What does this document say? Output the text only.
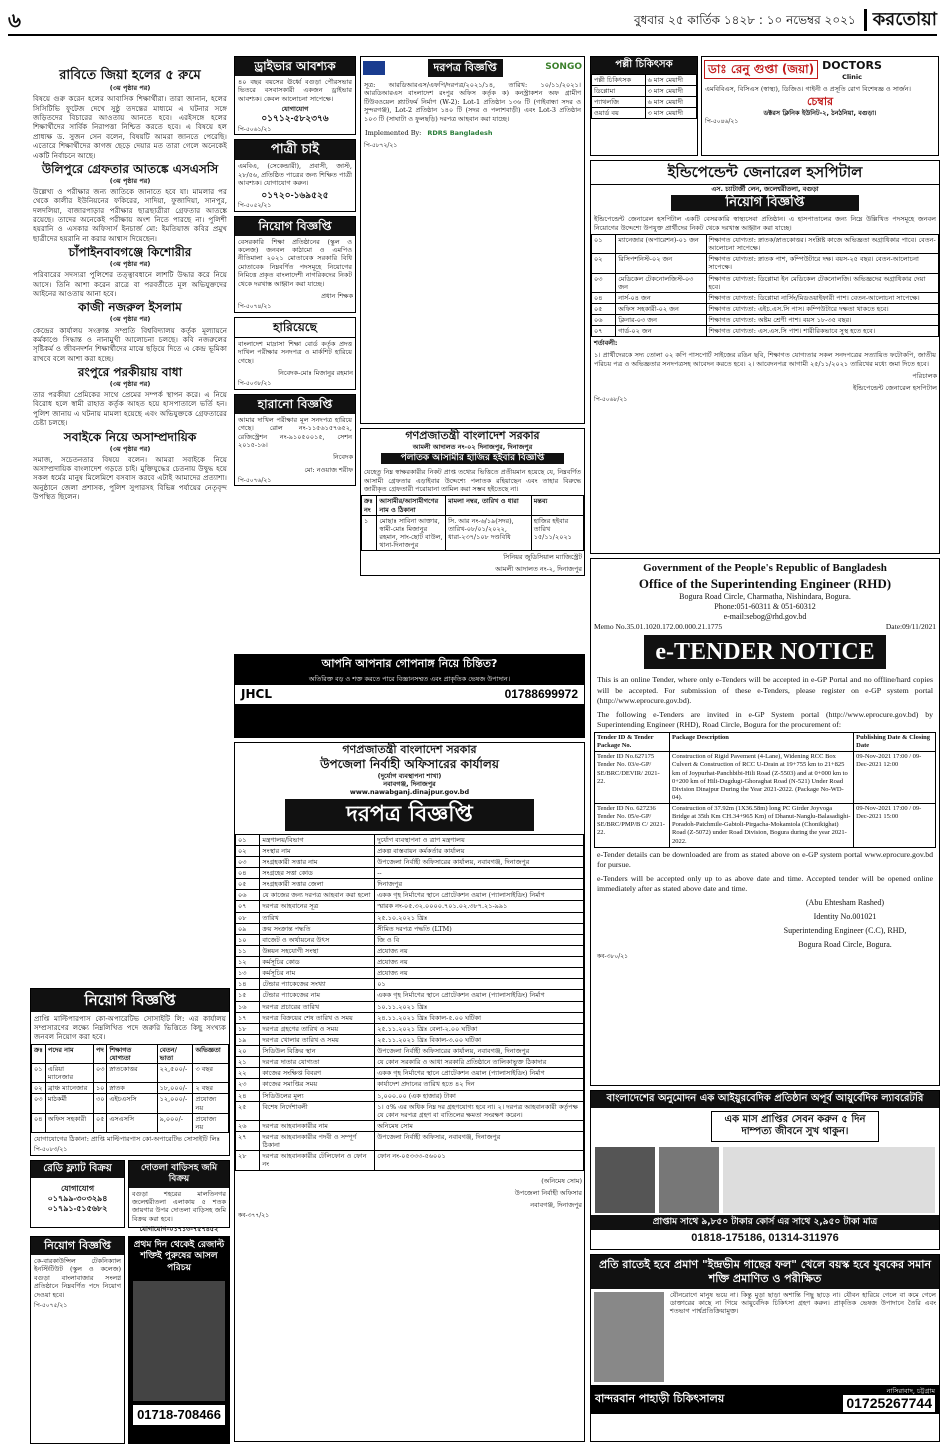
৬	বুধবার ২৫ কার্তিক ১৪২৮ : ১০ নভেম্বর ২০২১ করতোয়া
রাবিতে জিয়া হলের ৫ রুমে
(৩য় পৃষ্ঠার পর)
বিষয়ে গুরু করেন হলের আবাসিক শিক্ষার্থীরা। তারা জানান, হলের সিসিটিভি ফুটেজ দেখে সুষ্ঠু তদন্তের মাধ্যমে এ ঘটনার সঙ্গে জড়িতদের বিচারের আওতায় আনতে হবে। এরইসঙ্গে হলের শিক্ষার্থীদের সার্বিক নিরাপত্তা নিশ্চিত করতে হবে। এ বিষয়ে হল প্রাধ্যক্ষ ড. সুজন সেন বলেন, বিষয়টি আমরা জানতে পেরেছি। এতোরে শিক্ষার্থীদের কাগজ ছেড়ে দেয়ার মত তারা গেলে অনেকেই একটি নির্বাচনে আছে।
উলিপুরে গ্রেফতার আতঙ্কে এসএসসি
(৩য় পৃষ্ঠার পর)
উল্লেখ্য ও পরীক্ষার জন্য জাতিকে জানাতে হবে যা। মামলার পর থেকে কালীর ইউনিয়নের ফকিরের, সাদিয়া, ফুজাদিয়া, সানপুর, দলদলিয়া, বাজারপাড়ার পরীক্ষার ছাত্রছাত্রীরা গ্রেফতার আতঙ্কে রয়েছে। তাদের অনেকেই পরীক্ষায় অংশ নিতে পারছে না। পুলিশী হয়রানি ও এসকার অফিসার্স ইনচার্জ মো: ইমতিয়াজ কবির প্রমুখ ছাত্রীদের হয়রানি না করার আশ্বাস দিয়েছেন।
চাঁপাইনবাবগঞ্জে কিশোরীর
(৩য় পৃষ্ঠার পর)
পরিবারের সদস্যরা পুলিশের তত্ত্বাবধানে লাশটি উদ্ধার করে নিয়ে আসে। তিনি আশা করেন রাত্রে বা পরবর্তীতে মূল অভিযুক্তদের আইনের আওতায় আনা হবে।
কাজী নজরুল ইসলাম
(৩য় পৃষ্ঠার পর)
কেন্দ্রের কার্যালয় সংক্রান্ত সম্প্রতি বিশ্ববিদ্যালয় কর্তৃক মূল্যায়নে কর্মকাণ্ডে সিদ্ধান্ত ও নানামুখী আলোচনা চলছে। কবি নজরুলের সৃষ্টিকর্ম ও জীবনদর্শন শিক্ষার্থীদের মাঝে ছড়িয়ে দিতে এ কেন্দ্র ভূমিকা রাখবে বলে আশা করা হচ্ছে।
রংপুরে পরকীয়ায় বাধা
(৩য় পৃষ্ঠার পর)
তার পরকীয়া প্রেমিকের সাথে প্রেমের সম্পর্ক স্থাপন করে। এ নিয়ে বিরোধ হলে স্বামী রাহাত কর্তৃক আহত হয়ে হাসপাতালে ভর্তি হন। পুলিশ জানায় এ ঘটনায় মামলা হয়েছে এবং অভিযুক্তকে গ্রেফতারের চেষ্টা চলছে।
সবাইকে নিয়ে অসাম্প্রদায়িক
(৩য় পৃষ্ঠার পর)
সমাজ, সচেতনতার বিষয়ে বলেন। আমরা সবাইকে নিয়ে অসাম্প্রদায়িক বাংলাদেশ গড়তে চাই। মুক্তিযুদ্ধের চেতনায় উদ্বুদ্ধ হয়ে সকল ধর্মের মানুষ মিলেমিশে বসবাস করবে এটাই আমাদের প্রত্যাশা। অনুষ্ঠানে জেলা প্রশাসক, পুলিশ সুপারসহ বিভিন্ন পর্যায়ের নেতৃবৃন্দ উপস্থিত ছিলেন।
নিয়োগ বিজ্ঞপ্তি
প্রাপ্তি মাল্টিপারপাস কো-অপারেটিভ সোসাইটি লি: এর কার্যালয় সম্প্রসারণের লক্ষ্যে নিম্নলিখিত পদে জরুরি ভিত্তিতে কিছু সংখ্যক জনবল নিয়োগ করা হবে।
ক্রঃ	পদের নাম	পদ	শিক্ষাগত যোগ্যতা	বেতন/ভাতা	অভিজ্ঞতা
০১	এরিয়া ম্যানেজার	০৩	স্নাতকোত্তর	২২,৫০০/-	৩ বছর
০২	ব্রাঞ্চ ম্যানেজার	১০	স্নাতক	১৮,০০০/-	২ বছর
০৩	মাঠকর্মী	৩০	এইচএসসি	১২,০০০/-	প্রযোজ্য নয়
০৪	অফিস সহকারী	০৫	এসএসসি	৯,০০০/-	প্রযোজ্য নয়
যোগাযোগের ঠিকানা: প্রাপ্তি মাল্টিপারপাস কো-অপারেটিভ সোসাইটি লিঃ
পি-৫০৮৩/২১
রেডি ফ্ল্যাট বিক্রয়
যোগাযোগ
০১৭৯৯-৩০৩২৯৪
০১৭৯১-৫১৫৬৮২
দোতলা বাড়িসহ জমি বিক্রয়
বগুড়া শহরের মালতিনগর জলেশ্বরীতলা এলাকায় ৫ শতক জায়গার উপর দোতলা বাড়িসহ জমি বিক্রয় করা হবে।
যোগাযোগ-০১৭১৩-৭৫৭৪৫২
নিয়োগ বিজ্ঞপ্তি
কে-বারকাউন্সিল টেকনিক্যাল ইনস্টিটিউট (স্কুল ও কলেজ) বগুড়া বাংলাবাজার সংলগ্ন প্রতিষ্ঠানে নিম্নবর্ণিত পদে নিয়োগ দেওয়া হবে।
পি-৫০৭৫/২১
প্রথম দিন থেকেই রেজাল্ট শক্তিই পুরুষের আসল পরিচয়
01718-708466
ড্রাইভার আবশ্যক
৪০ বছর বয়সের ঊর্ধ্বে বগুড়া পৌরসভার ভিতরে বসবাসকারী একজন ড্রাইভার আবশ্যক। কেবল আলোচনা সাপেক্ষে।
যোগাযোগ
০১৭১২-৫৮২৩৭৬
পি-৫০৬১/২১
পাত্রী চাই
এমবিএ, (সেকেন্ডারী), প্রবাসী, জাস্ট, ২৮/৫৬, প্রতিষ্ঠিত পাত্রের জন্য শিক্ষিত পাত্রী আবশ্যক। যোগাযোগ করুন।
০১৭২০-১৬৯৫২৫
পি-৫০৫২/২১
নিয়োগ বিজ্ঞপ্তি
বেসরকারি শিক্ষা প্রতিষ্ঠানের (স্কুল ও কলেজ) জনবল কাঠামো ও এমপিও নীতিমালা ২০২১ মোতাবেক সরকারি বিধি মোতাবেক নিম্নবর্ণিত পদসমূহে নিয়োগের নিমিত্তে প্রকৃত বাংলাদেশী নাগরিকদের নিকট থেকে দরখাস্ত আহ্বান করা যাচ্ছে।
প্রধান শিক্ষক
পি-৫০৭৪/২১
হারিয়েছে
বাংলাদেশ মাদ্রাসা শিক্ষা বোর্ড কর্তৃক প্রদত্ত দাখিল পরীক্ষার সনদপত্র ও মার্কশিট হারিয়ে গেছে।
নিবেদক-মোঃ মিজানুর রহমান
পি-৫০৩৮/২১
হারানো বিজ্ঞপ্তি
আমার দাখিল পরীক্ষার মূল সনদপত্র হারিয়ে গেছে। রোল নং-১১৫৬১৫৭৬৫২, রেজিস্ট্রেশন নং-৯১০৫০০১৫, সেশন ২০১৫-১৬।
নিবেদক
মো: নওয়াজ শরীফ
পি-৫০৭৬/২১
দরপত্র বিজ্ঞপ্তি	SONGO
সূত্র: আরডিআরএস/এফপি/দরপত্র/২০২১/১৪, তারিখ: ১০/১১/২০২১। আরডিআরএস বাংলাদেশ রংপুর অফিস কর্তৃক ক) কনস্ট্রাকশন অফ গ্রামীণ টিউবওয়েল প্ল্যাটফর্ম নির্মাণ (W-2): Lot-1 প্রতিষ্ঠান ১৩৬ টি (গাইবান্ধা সদর ও সুন্দরগঞ্জ), Lot-2 প্রতিষ্ঠান ১৪০ টি (সদর ও পলাশবাড়ী) এবং Lot-3 প্রতিষ্ঠান ১০৩ টি (সাঘাটা ও ফুলছড়ি) দরপত্র আহবান করা যাচ্ছে।
Implemented By: RDRS Bangladesh
পি-৫৮৭২/২১
গণপ্রজাতন্ত্রী বাংলাদেশ সরকার
আমলী আদালত নং-০২ দিনাজপুর, দিনাজপুর
পলাতক আসামীর হাজির হইবার বিজ্ঞপ্তি
যেহেতু নিম্ন স্বাক্ষরকারীর নিকট প্রাপ্ত তথ্যের ভিত্তিতে প্রতীয়মান হয়েছে যে, নিম্নবর্ণিত আসামী গ্রেফতার এড়াইবার উদ্দেশ্যে পলাতক রহিয়াছেন এবং তাহার বিরুদ্ধে জারীকৃত গ্রেফতারী পরোয়ানা তামিল করা সম্ভব হইতেছে না।
ক্রঃ নং	আসামীর/আসামীগণের নাম ও ঠিকানা	মামলা নম্বর, তারিখ ও ধারা	মন্তব্য
১	মোছাঃ সাবিনা আক্তার, স্বামী-মোঃ মিজানুর রহমান, সাং-ছোট বাউল, থানা-দিনাজপুর	সি. আর নং-৬/১৯(সদর), তারিখ-০৮/০১/২০২২, ধারা-২৩৭/১০৮ দণ্ডবিধি	হাজির হইবার তারিখ ১৫/১১/২০২১
সিনিয়র জুডিসিয়াল ম্যাজিস্ট্রেট
আমলী আদালত নং-২, দিনাজপুর
আপনি আপনার গোপনাঙ্গ নিয়ে চিন্তিত?
অতিরিক্ত বড় ও শক্ত করতে পারে বিজ্ঞানসম্মত এবং প্রাকৃতিক ভেষজ উপাদান।
JHCL	01788699972
গণপ্রজাতন্ত্রী বাংলাদেশ সরকার
উপজেলা নির্বাহী অফিসারের কার্যালয়
(দুর্যোগ ব্যবস্থাপনা শাখা)
নবাবগঞ্জ, দিনাজপুর
www.nawabganj.dinajpur.gov.bd
দরপত্র বিজ্ঞপ্তি
০১	মন্ত্রণালয়/বিভাগ	দুর্যোগ ব্যবস্থাপনা ও ত্রাণ মন্ত্রণালয়
০২	সংস্থার নাম	প্রকল্প বাস্তবায়ন কর্মকর্তার কার্যালয়
০৩	সংগ্রহকারী সত্তার নাম	উপজেলা নির্বাহী অফিসারের কার্যালয়, নবাবগঞ্জ, দিনাজপুর
০৪	সংগ্রহের সত্তা কোড	--
০৫	সংগ্রহকারী সত্তার জেলা	দিনাজপুর
০৬	যে কাজের জন্য দরপত্র আহবান করা হলো	একক গৃহ নির্মাণের স্থানে প্রোটেকশন ওয়াল (প্যালাসাইডিং) নির্মাণ
০৭	দরপত্র আহবানের সূত্র	স্মারক নং-০৫.৩২.০০০০.৭০১.০২.৩৮৭.২১-৯৯১
০৮	তারিখ	২৫.১০.২০২১ খ্রিঃ
০৯	ক্রয় সংক্রান্ত পদ্ধতি	সীমিত দরপত্র পদ্ধতি (LTM)
১০	বাজেট ও অর্থায়নের উৎস	জি ও বি
১১	উন্নয়ন সহযোগী সংস্থা	প্রযোজ্য নয়
১২	কর্মসূচির কোড	প্রযোজ্য নয়
১৩	কর্মসূচির নাম	প্রযোজ্য নয়
১৪	টেন্ডার প্যাকেজের সংখ্যা	০১
১৫	টেন্ডার প্যাকেজের নাম	একক গৃহ নির্মাণের স্থানে প্রোটেকশন ওয়াল (প্যালাসাইডিং) নির্মাণ
১৬	দরপত্র প্রচারের তারিখ	১০.১১.২০২১ খ্রিঃ
১৭	দরপত্র বিক্রয়ের শেষ তারিখ ও সময়	২৪.১১.২০২১ খ্রিঃ বিকাল-৫.০০ ঘটিকা
১৮	দরপত্র গ্রহণের তারিখ ও সময়	২৫.১১.২০২১ খ্রিঃ বেলা-২.০০ ঘটিকা
১৯	দরপত্র খোলার তারিখ ও সময়	২৫.১১.২০২১ খ্রিঃ বিকাল-৩.০০ ঘটিকা
২০	সিডিউল বিক্রির স্থান	উপজেলা নির্বাহী অফিসারের কার্যালয়, নবাবগঞ্জ, দিনাজপুর
২১	দরপত্র দাতার যোগ্যতা	যে কোন সরকারি ও আধা সরকারি প্রতিষ্ঠানে তালিকাভুক্ত ঠিকাদার
২২	কাজের সংক্ষিপ্ত বিবরণ	একক গৃহ নির্মাণের স্থানে প্রোটেকশন ওয়াল (প্যালাসাইডিং) নির্মাণ
২৩	কাজের সমাপ্তির সময়	কার্যাদেশ প্রদানের তারিখ হতে ৪২ দিন
২৪	সিডিউলের মূল্য	১,০০০.০০ (এক হাজার) টাকা
২৫	বিশেষ নির্দেশাবলী	১। ৫% এর অধিক নিম্ন দর গ্রহণযোগ্য হবে না। ২। দরপত্র আহবানকারী কর্তৃপক্ষ যে কোন দরপত্র গ্রহণ বা বাতিলের ক্ষমতা সংরক্ষণ করেন।
২৬	দরপত্র আহবানকারীর নাম	অনিমেষ সোম
২৭	দরপত্র আহবানকারীর পদবী ও সম্পূর্ণ ঠিকানা	উপজেলা নির্বাহী অফিসার, নবাবগঞ্জ, দিনাজপুর
২৮	দরপত্র আহবানকারীর টেলিফোন ও ফোন নং	ফোন নং-০৫৩৩৩-৫৬০০১
(অনিমেষ সোম)
উপজেলা নির্বাহী অফিসার
নবাবগঞ্জ, দিনাজপুর
কব-৩৭৭/২১
পল্লী চিকিৎসক
পল্লী চিকিৎসক	৬ মাস মেয়াদী
ডিপ্লোমা	৩ মাস মেয়াদী
প্যাথলজি	৬ মাস মেয়াদী
ওয়ার্ড বয়	৩ মাস মেয়াদী
ডাঃ রেনু গুপ্তা (জয়া) DOCTORS
Clinic
এমবিবিএস, বিসিএস (স্বাস্থ্য), ডিজিও। গাইনী ও প্রসূতি রোগ বিশেষজ্ঞ ও সার্জন।
চেম্বার
ডক্টরস ক্লিনিক ইউনিট-২, ঠনঠনিয়া, বগুড়া।
পি-৫০৪৬/২১
ইন্ডিপেন্ডেন্ট জেনারেল হসপিটাল
এস. চ্যাটার্জী লেন, জলেশ্বরীতলা, বগুড়া
নিয়োগ বিজ্ঞপ্তি
ইন্ডিপেন্ডেন্ট জেনারেল হসপিটাল একটি বেসরকারি স্বাস্থ্যসেবা প্রতিষ্ঠান। এ হাসপাতালের জন্য নিম্নে উল্লিখিত পদসমূহে জনবল নিয়োগের উদ্দেশ্যে উপযুক্ত প্রার্থীদের নিকট থেকে দরখাস্ত আহ্বান করা যাচ্ছে।
০১	ম্যানেজার (অপারেশন)-০১ জন	শিক্ষাগত যোগ্যতা: স্নাতক/স্নাতকোত্তর। সংশ্লিষ্ট কাজে অভিজ্ঞতা অগ্রাধিকার পাবে। বেতন-আলোচনা সাপেক্ষে।
০২	রিসিপশনিস্ট-০২ জন	শিক্ষাগত যোগ্যতা: স্নাতক পাশ, কম্পিউটারে দক্ষ। বয়স-২৫ বছর। বেতন-আলোচনা সাপেক্ষে।
০৩	মেডিকেল টেকনোলজিস্ট-০৩ জন	শিক্ষাগত যোগ্যতা: ডিপ্লোমা ইন মেডিকেল টেকনোলজি। অভিজ্ঞদের অগ্রাধিকার দেয়া হবে।
০৪	নার্স-০৪ জন	শিক্ষাগত যোগ্যতা: ডিপ্লোমা নার্সিং/মিডওয়াইফারী পাশ। বেতন-আলোচনা সাপেক্ষে।
০৫	অফিস সহকারী-০২ জন	শিক্ষাগত যোগ্যতা: এইচ.এস.সি পাস। কম্পিউটারে দক্ষতা থাকতে হবে।
০৬	ক্লিনার-০৩ জন	শিক্ষাগত যোগ্যতা: অষ্টম শ্রেণী পাশ। বয়স ১৮-৩৫ বছর।
০৭	গার্ড-০২ জন	শিক্ষাগত যোগ্যতা: এস.এস.সি পাশ। শারীরিকভাবে সুস্থ হতে হবে।
শর্তাবলী:
১। প্রার্থীদেরকে সদ্য তোলা ০২ কপি পাসপোর্ট সাইজের রঙিন ছবি, শিক্ষাগত যোগ্যতার সকল সনদপত্রের সত্যায়িত ফটোকপি, জাতীয় পরিচয় পত্র ও অভিজ্ঞতার সনদপত্রসহ আবেদন করতে হবে। ২। আবেদনপত্র আগামী ২৫/১১/২০২১ তারিখের মধ্যে জমা দিতে হবে।
পরিচালক
ইন্ডিপেন্ডেন্ট জেনারেল হসপিটাল
পি-৫০৬৮/২১
Government of the People's Republic of Bangladesh
Office of the Superintending Engineer (RHD)
Bogura Road Circle, Charmatha, Nishindara, Bogura.
Phone:051-60311 & 051-60312
e-mail:sebog@rhd.gov.bd
Memo No.35.01.1020.172.00.000.21.1775	Date:09/11/2021
e-TENDER NOTICE
This is an online Tender, where only e-Tenders will be accepted in e-GP Portal and no offline/hard copies will be accepted. For submission of these e-Tenders, please register on e-GP system portal (http://www.eprocure.gov.bd).
The following e-Tenders are invited in e-GP System portal (http://www.eprocure.gov.bd) by Superintending Engineer (RHD), Road Circle, Bogura for the procurement of:
Tender ID & Tender Package No.	Package Description	Publishing Date & Closing Date
Tender ID No.627175 Tender No. 03/e-GP/ SE/BRC/DEVIR/ 2021-22.	Construction of Rigid Pavement (4-Lane), Widening RCC Box Culvert & Construction of RCC U-Drain at 19+755 km to 21+825 km of Joypurhat-Panchbibi-Hili Road (Z-5503) and at 0+000 km to 0+200 km of Hili-Dugdugi-Ghoraghat Road (N-521) Under Road Division Dinajpur During the Year 2021-2022. (Package No-WD-04).	09-Nov-2021 17:00 / 09-Dec-2021 12:00
Tender ID No. 627236 Tender No. 05/e-GP/ SE/BRC/PMP/B C/ 2021-22.	Construction of 37.92m (1X36.58m) long PC Girder Joyvoga Bridge at 35th Km CH.34+965 Km) of Dhanut-Nanglu-Balasadighi-Poradoh-Patchmile-Gabtoli-Pirgacha-Mokamtola (Chonikighat) Road (Z-5072) under Road Division, Bogura during the year 2021-2022.	09-Nov-2021 17:00 / 09-Dec-2021 15:00
e-Tender details can be downloaded are from as stated above on e-GP system portal www.eprocure.gov.bd for pursue.
e-Tenders will be accepted only up to as above date and time. Accepted tender will be opened online immediately after as stated above date and time.
(Abu Ehtesham Rashed)
Identity No.001021
Superintending Engineer (C.C), RHD,
Bogura Road Circle, Bogura.
কব-৩৮০/২১
বাংলাদেশের অনুমোদন এক আইয়ুরবেদিক প্রতিষ্ঠান অপূর্ব আয়ুর্বেদিক ল্যাবরেটরি
এক মাস প্রাপ্তির সেবন করুন ৫ দিন দাম্পত্য জীবনে সুখ থাকুন।
প্রাপ্তাম সাথে ৯,৮৫০ টাকার কোর্স এর সাথে ২,৯৫০ টাকা মাত্র
01818-175186, 01314-311976
প্রতি রাতেই হবে প্রমাণ "ইন্দ্রভীম গাছের ফল" খেলে বয়স্ক হবে যুবকের সমান শক্তি প্রমাণিত ও পরীক্ষিত
যৌনরোগে মানুষ ভয়ে না। কিন্তু মুড়া ছাড়া অশান্তি পিছু ছাড়ে না। যৌবন হারিয়ে গেলে বা কমে গেলে ডাক্তারের কাছে না গিয়ে আয়ুর্বেদিক চিকিৎসা গ্রহণ করুন। প্রাকৃতিক ভেষজ উপাদানে তৈরি এবং শতভাগ পার্শ্বপ্রতিক্রিয়ামুক্ত।
বান্দরবান পাহাড়ী চিকিৎসালয়
নাসিরাবাদ, চট্টগ্রাম
01725267744
